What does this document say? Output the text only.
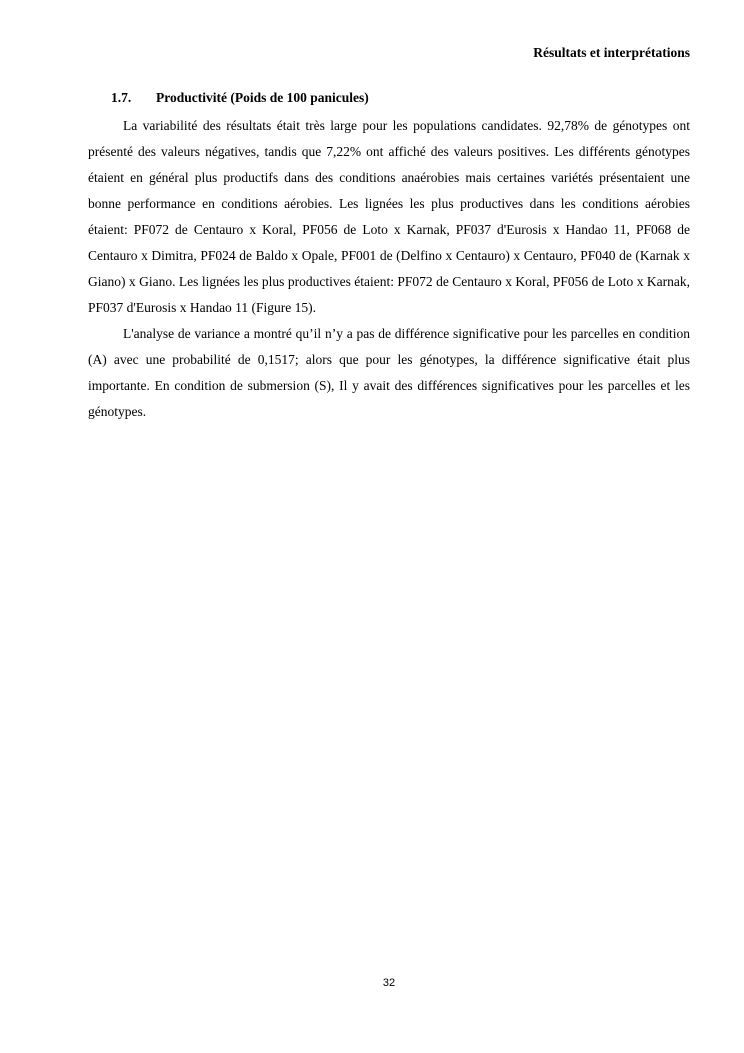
Résultats et interprétations
1.7.	Productivité (Poids de 100 panicules)

La variabilité des résultats était très large pour les populations candidates. 92,78% de génotypes ont présenté des valeurs négatives, tandis que 7,22% ont affiché des valeurs positives. Les différents génotypes étaient en général plus productifs dans des conditions anaérobies mais certaines variétés présentaient une bonne performance en conditions aérobies. Les lignées les plus productives dans les conditions aérobies étaient: PF072 de Centauro x Koral, PF056 de Loto x Karnak, PF037 d'Eurosis x Handao 11, PF068 de Centauro x Dimitra, PF024 de Baldo x Opale, PF001 de (Delfino x Centauro) x Centauro, PF040 de (Karnak x Giano) x Giano. Les lignées les plus productives étaient: PF072 de Centauro x Koral, PF056 de Loto x Karnak, PF037 d'Eurosis x Handao 11 (Figure 15).

L'analyse de variance a montré qu’il n’y a pas de différence significative pour les parcelles en condition (A) avec une probabilité de 0,1517; alors que pour les génotypes, la différence significative était plus importante. En condition de submersion (S), Il y avait des différences significatives pour les parcelles et les génotypes.

32
